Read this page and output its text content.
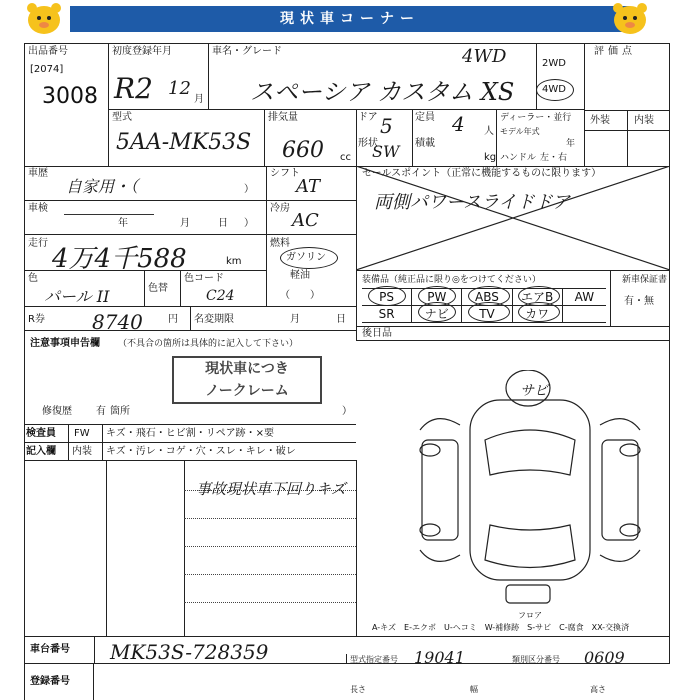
現状車コーナー
出品番号
[2074]
3008
初度登録年月
R2 12
月
車名・グレード
スペーシア カスタム XS
4WD	2WD
4WD
評価点
外装 内装
型式
5AA-MK53S
排気量
660 cc
ドア 5
形状
SW
定員 4 人
積載
kg
ディーラー・並行
モデル年式
年
ハンドル 左・右
車歴
自家用・（	）
車検
年	月	日 ）
走行
4万4千588	km
シフト
AT
冷房
AC
燃料
ガソリン
軽油
（　　）
色
パール II	色替
色コード
C24
R券 8740	円 名変期限	月	日
注意事項申告欄 （不具合の箇所は具体的に記入して下さい）
現状車につき
ノークレーム
修復歴 有 箇所	）
検査員 FW キズ・飛石・ヒビ割・リペア跡・×要
記入欄 内装 キズ・汚レ・コゲ・穴・スレ・キレ・破レ
事故現状車下回りキズ
セールスポイント（正常に機能するものに限ります）
両側パワースライドドア
装備品（純正品に限り◎をつけてください）	新車保証書
有・無
PS	PW	ABS	エアB	AW
SR	ナビ	TV	カワ
後日品
サビ
フロア
A-キズ　E-エクボ　U-ヘコミ　W-補修跡　S-サビ　C-腐食　XX-交換済
車台番号 MK53S-728359	型式指定番号 19041	類別区分番号 0609
登録番号
長さ	幅	高さ
